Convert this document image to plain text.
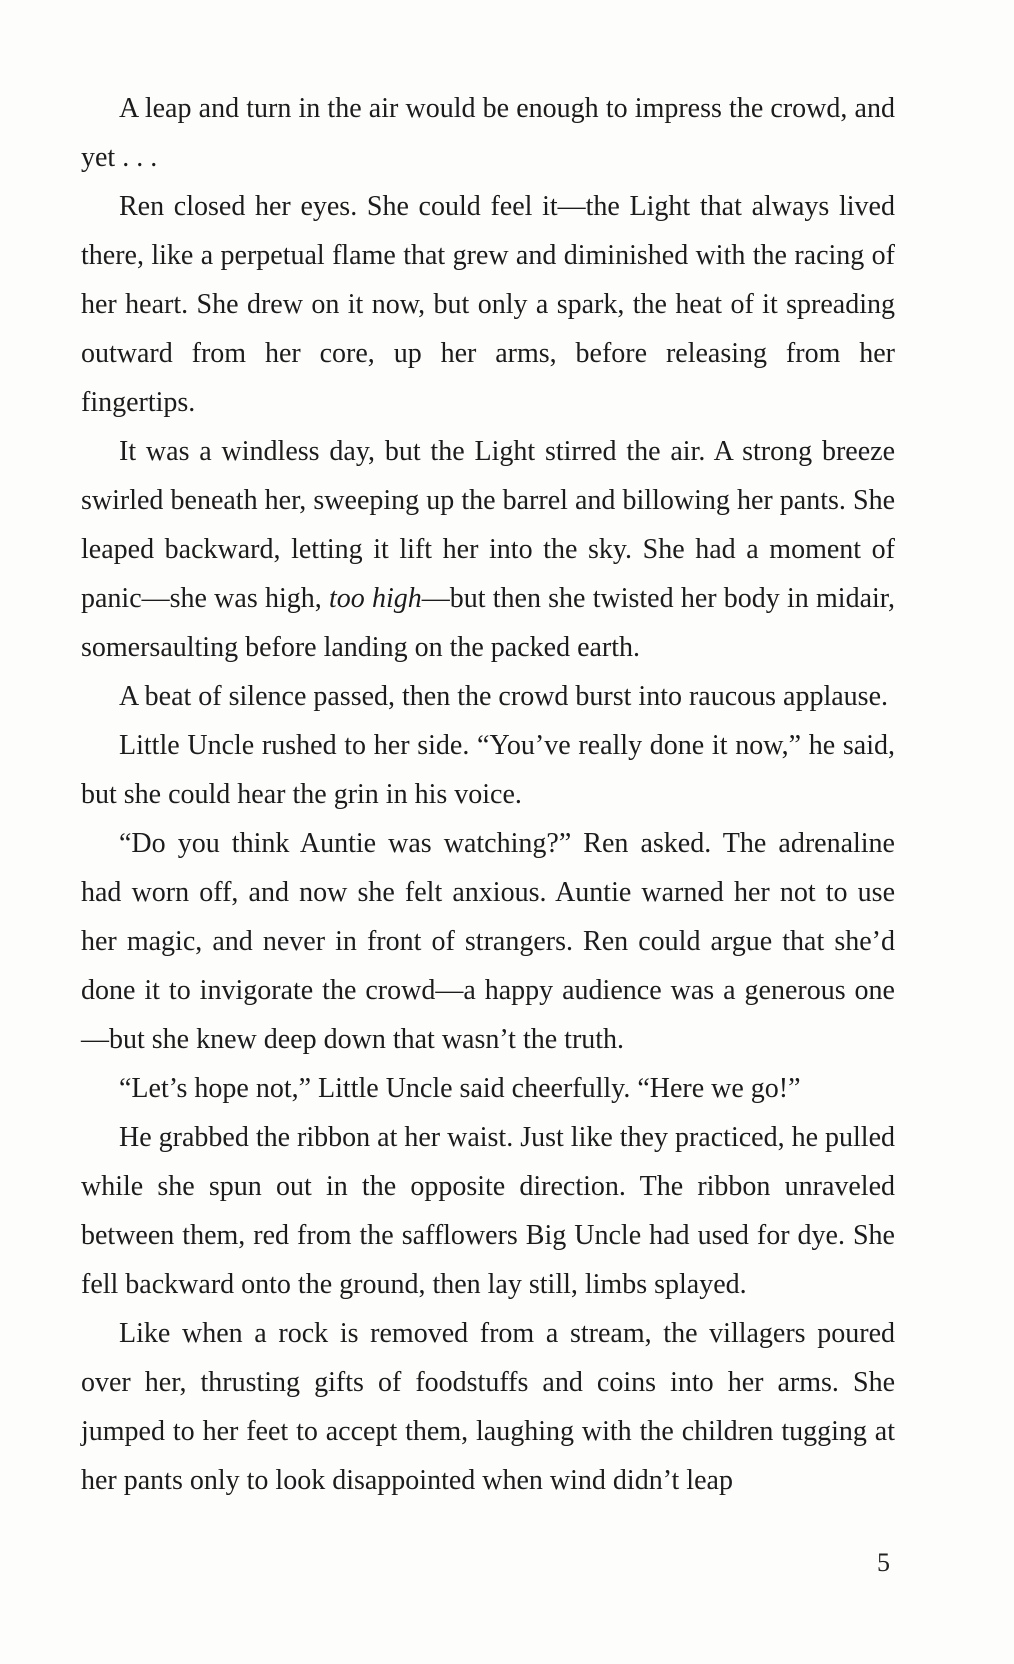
A leap and turn in the air would be enough to impress the crowd, and yet . . .

Ren closed her eyes. She could feel it—the Light that always lived there, like a perpetual flame that grew and diminished with the racing of her heart. She drew on it now, but only a spark, the heat of it spreading outward from her core, up her arms, before releasing from her fingertips.

It was a windless day, but the Light stirred the air. A strong breeze swirled beneath her, sweeping up the barrel and billowing her pants. She leaped backward, letting it lift her into the sky. She had a moment of panic—she was high, too high—but then she twisted her body in midair, somersaulting before landing on the packed earth.

A beat of silence passed, then the crowd burst into raucous applause.

Little Uncle rushed to her side. “You’ve really done it now,” he said, but she could hear the grin in his voice.

“Do you think Auntie was watching?” Ren asked. The adrenaline had worn off, and now she felt anxious. Auntie warned her not to use her magic, and never in front of strangers. Ren could argue that she’d done it to invigorate the crowd—a happy audience was a generous one—but she knew deep down that wasn’t the truth.

“Let’s hope not,” Little Uncle said cheerfully. “Here we go!”

He grabbed the ribbon at her waist. Just like they practiced, he pulled while she spun out in the opposite direction. The ribbon unraveled between them, red from the safflowers Big Uncle had used for dye. She fell backward onto the ground, then lay still, limbs splayed.

Like when a rock is removed from a stream, the villagers poured over her, thrusting gifts of foodstuffs and coins into her arms. She jumped to her feet to accept them, laughing with the children tugging at her pants only to look disappointed when wind didn’t leap

5
